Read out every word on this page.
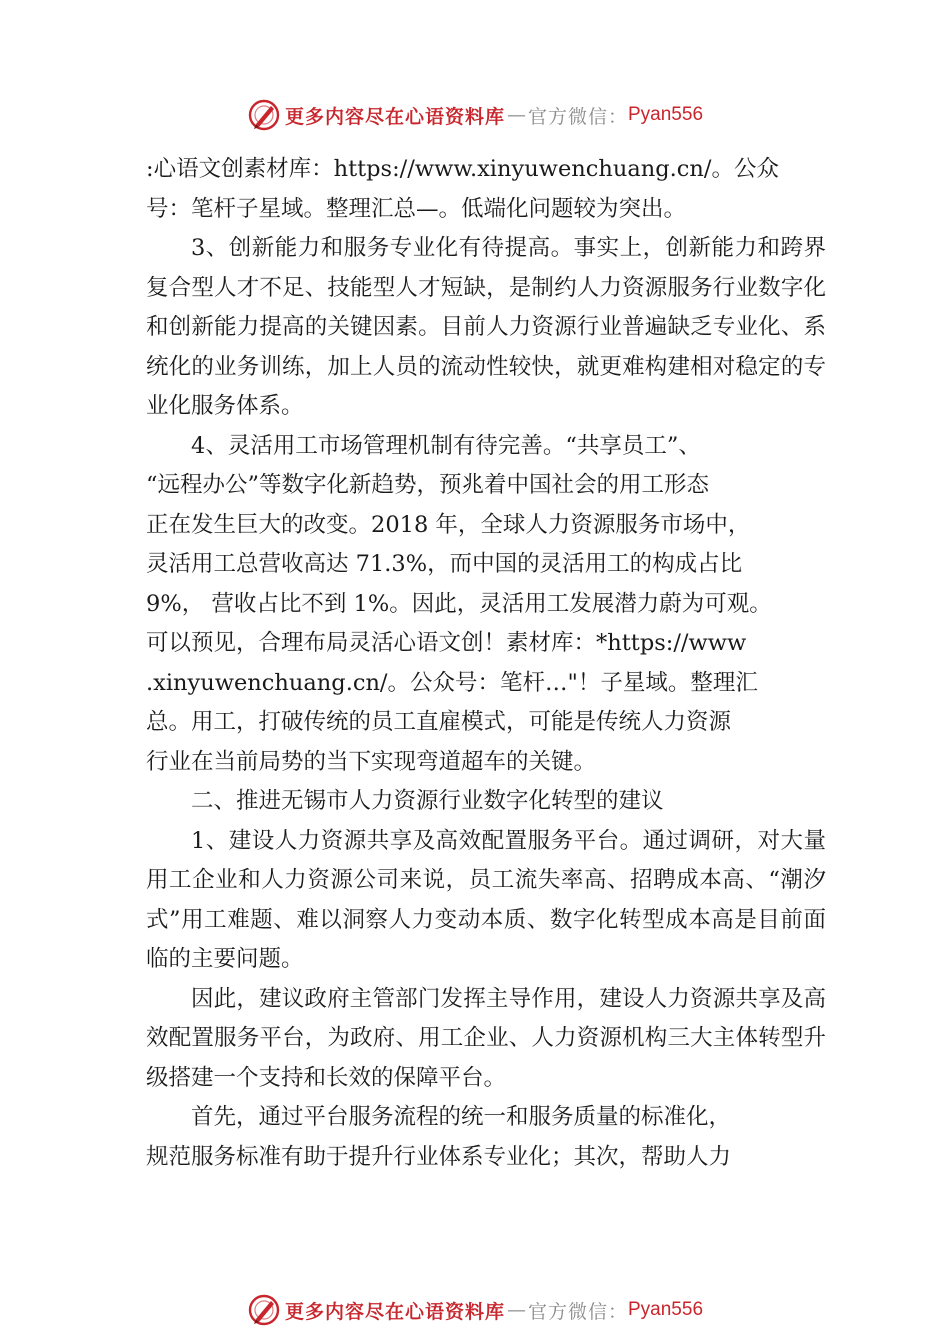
更多内容尽在心语资料库 — 官方微信： Pyan556

:心语文创素材库：https://www.xinyuwenchuang.cn/。公众
号：笔杆子星域。整理汇总—。低端化问题较为突出。

3、创新能力和服务专业化有待提高。事实上，创新能力和跨界复合型人才不足、技能型人才短缺，是制约人力资源服务行业数字化和创新能力提高的关键因素。目前人力资源行业普遍缺乏专业化、系统化的业务训练，加上人员的流动性较快，就更难构建相对稳定的专业化服务体系。

4、灵活用工市场管理机制有待完善。“共享员工”、
“远程办公”等数字化新趋势，预兆着中国社会的用工形态
正在发生巨大的改变。2018 年，全球人力资源服务市场中，
灵活用工总营收高达 71.3%，而中国的灵活用工的构成占比
9%， 营收占比不到 1%。因此，灵活用工发展潜力蔚为可观。
可以预见，合理布局灵活心语文创！素材库：*https://www
.xinyuwenchuang.cn/。公众号：笔杆…"！子星域。整理汇
总。用工，打破传统的员工直雇模式，可能是传统人力资源
行业在当前局势的当下实现弯道超车的关键。

二、推进无锡市人力资源行业数字化转型的建议

1、建设人力资源共享及高效配置服务平台。通过调研，对大量用工企业和人力资源公司来说，员工流失率高、招聘成本高、“潮汐式”用工难题、难以洞察人力变动本质、数字化转型成本高是目前面临的主要问题。

因此，建议政府主管部门发挥主导作用，建设人力资源共享及高效配置服务平台，为政府、用工企业、人力资源机构三大主体转型升级搭建一个支持和长效的保障平台。

首先，通过平台服务流程的统一和服务质量的标准化，
规范服务标准有助于提升行业体系专业化；其次，帮助人力

更多内容尽在心语资料库 — 官方微信： Pyan556
